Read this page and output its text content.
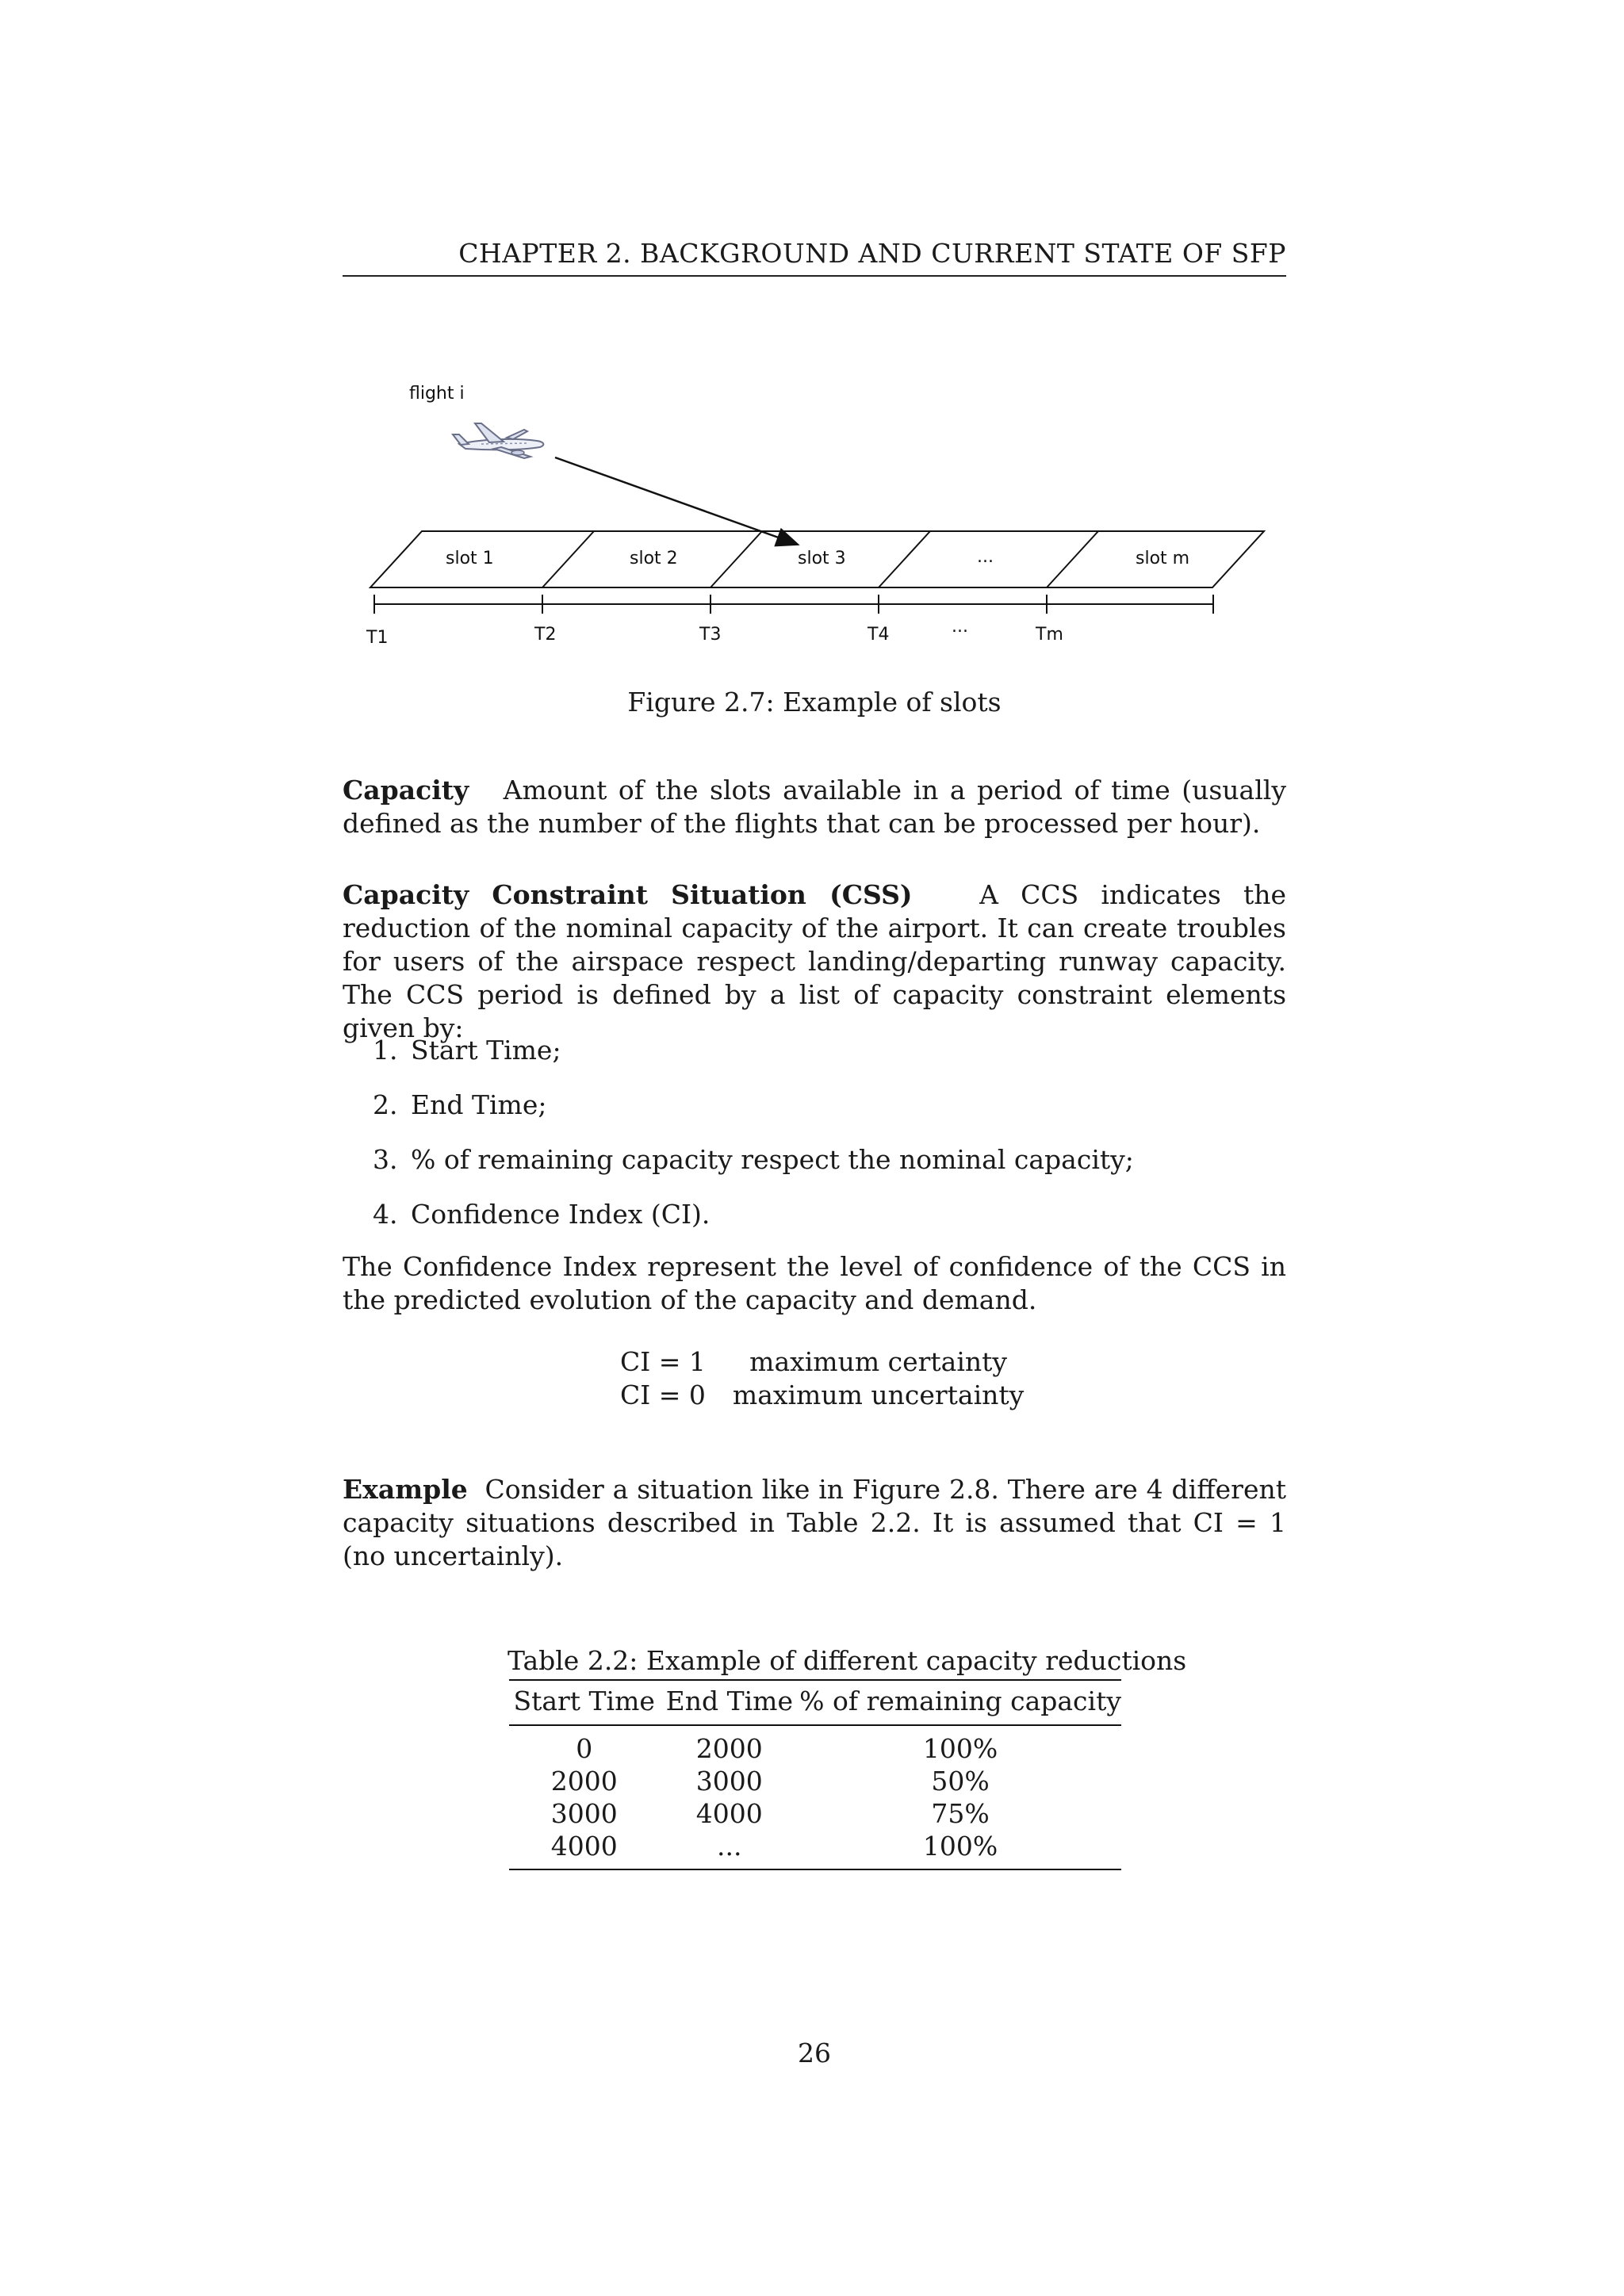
CHAPTER 2. BACKGROUND AND CURRENT STATE OF SFP
flight i
slot 1	slot 2	slot 3	...	slot m
T1	T2	T3	T4	...	Tm
Figure 2.7: Example of slots

Capacity Amount of the slots available in a period of time (usually defined as the number of the flights that can be processed per hour).

Capacity Constraint Situation (CSS)	A CCS indicates the reduction of the nominal capacity of the airport. It can create troubles for users of the airspace respect landing/departing runway capacity. The CCS period is defined by a list of capacity constraint elements given by:

1. Start Time;
2. End Time;
3. % of remaining capacity respect the nominal capacity;
4. Confidence Index (CI).

The Confidence Index represent the level of confidence of the CCS in the predicted evolution of the capacity and demand.

CI = 1	maximum certainty
CI = 0	maximum uncertainty

Example Consider a situation like in Figure 2.8. There are 4 different capacity situations described in Table 2.2. It is assumed that CI = 1 (no uncertainly).

Table 2.2: Example of different capacity reductions
Start Time	End Time	% of remaining capacity
0	2000	100%
2000	3000	50%
3000	4000	75%
4000	...	100%
26
